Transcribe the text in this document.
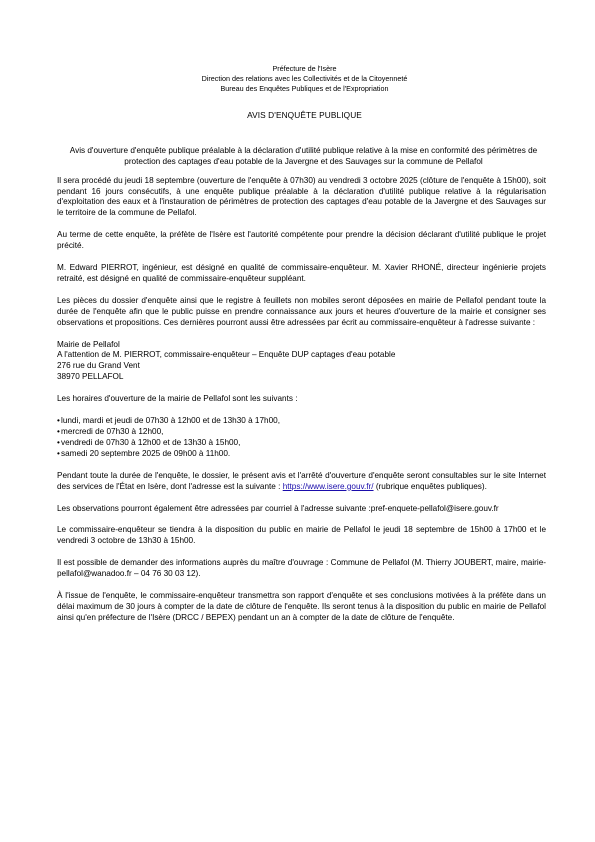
Préfecture de l'Isère
Direction des relations avec les Collectivités et de la Citoyenneté
Bureau des Enquêtes Publiques et de l'Expropriation
AVIS D'ENQUÊTE PUBLIQUE
Avis d'ouverture d'enquête publique préalable à la déclaration d'utilité publique relative à la mise en conformité des périmètres de protection des captages d'eau potable de la Javergne et des Sauvages sur la commune de Pellafol

Il sera procédé du jeudi 18 septembre (ouverture de l'enquête à 07h30) au vendredi 3 octobre 2025 (clôture de l'enquête à 15h00), soit pendant 16 jours consécutifs, à une enquête publique préalable à la déclaration d'utilité publique relative à la régularisation d'exploitation des eaux et à l'instauration de périmètres de protection des captages d'eau potable de la Javergne et des Sauvages sur le territoire de la commune de Pellafol.

Au terme de cette enquête, la préfète de l'Isère est l'autorité compétente pour prendre la décision déclarant d'utilité publique le projet précité.

M. Edward PIERROT, ingénieur, est désigné en qualité de commissaire-enquêteur. M. Xavier RHONÉ, directeur ingénierie projets retraité, est désigné en qualité de commissaire-enquêteur suppléant.

Les pièces du dossier d'enquête ainsi que le registre à feuillets non mobiles seront déposées en mairie de Pellafol pendant toute la durée de l'enquête afin que le public puisse en prendre connaissance aux jours et heures d'ouverture de la mairie et consigner ses observations et propositions. Ces dernières pourront aussi être adressées par écrit au commissaire-enquêteur à l'adresse suivante :

Mairie de Pellafol
A l'attention de M. PIERROT, commissaire-enquêteur – Enquête DUP captages d'eau potable
276 rue du Grand Vent
38970 PELLAFOL

Les horaires d'ouverture de la mairie de Pellafol sont les suivants :

• lundi, mardi et jeudi de 07h30 à 12h00 et de 13h30 à 17h00,
• mercredi de 07h30 à 12h00,
• vendredi de 07h30 à 12h00 et de 13h30 à 15h00,
• samedi 20 septembre 2025 de 09h00 à 11h00.

Pendant toute la durée de l'enquête, le dossier, le présent avis et l'arrêté d'ouverture d'enquête seront consultables sur le site Internet des services de l'État en Isère, dont l'adresse est la suivante : https://www.isere.gouv.fr/ (rubrique enquêtes publiques).

Les observations pourront également être adressées par courriel à l'adresse suivante :pref-enquete-pellafol@isere.gouv.fr

Le commissaire-enquêteur se tiendra à la disposition du public en mairie de Pellafol le jeudi 18 septembre de 15h00 à 17h00 et le vendredi 3 octobre de 13h30 à 15h00.

Il est possible de demander des informations auprès du maître d'ouvrage : Commune de Pellafol (M. Thierry JOUBERT, maire, mairie-pellafol@wanadoo.fr – 04 76 30 03 12).

À l'issue de l'enquête, le commissaire-enquêteur transmettra son rapport d'enquête et ses conclusions motivées à la préfète dans un délai maximum de 30 jours à compter de la date de clôture de l'enquête. Ils seront tenus à la disposition du public en mairie de Pellafol ainsi qu'en préfecture de l'Isère (DRCC / BEPEX) pendant un an à compter de la date de clôture de l'enquête.
